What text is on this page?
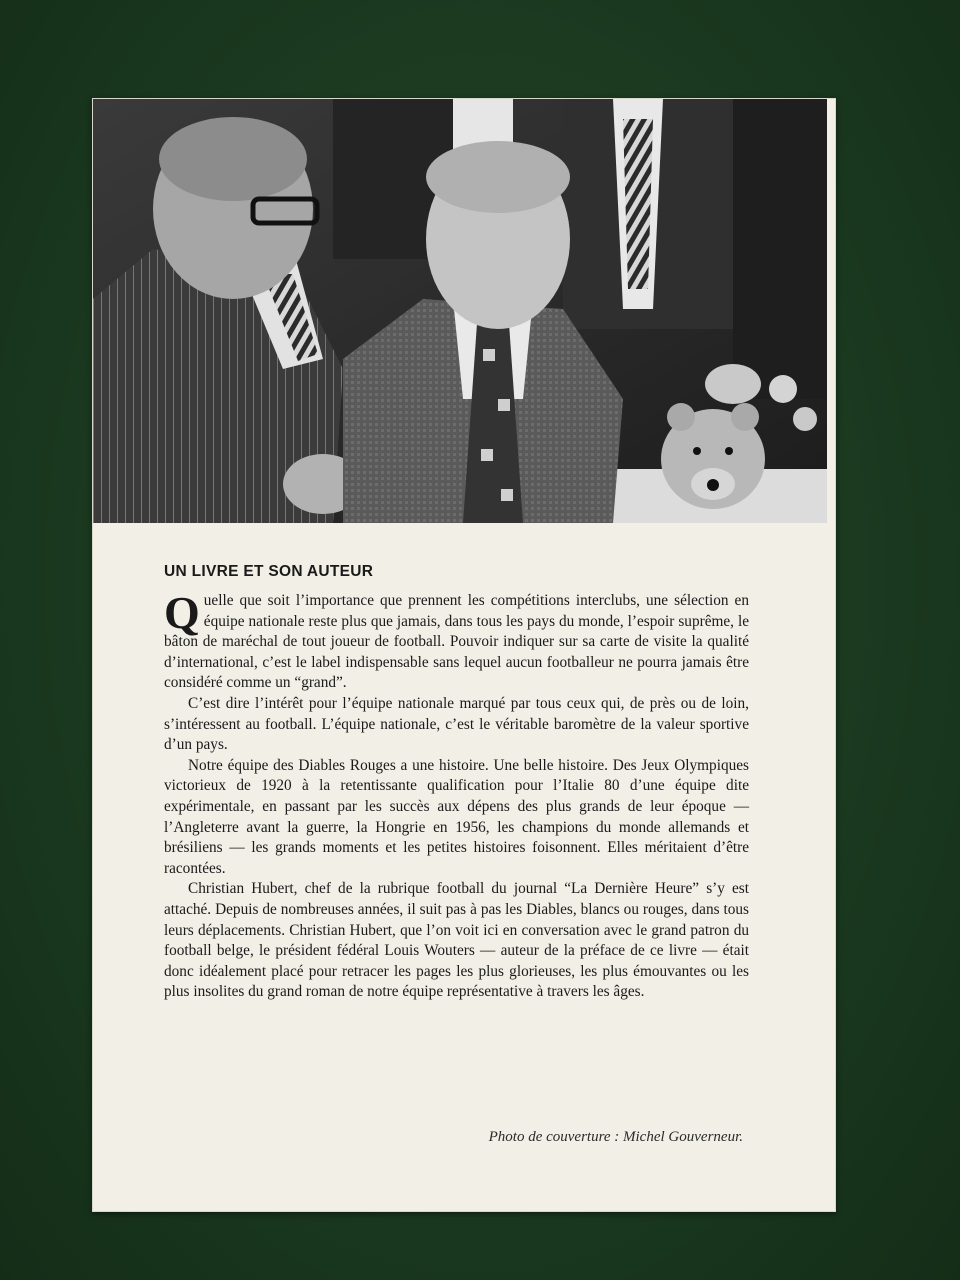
UN LIVRE ET SON AUTEUR

Quelle que soit l’importance que prennent les compétitions interclubs, une sélection en équipe nationale reste plus que jamais, dans tous les pays du monde, l’espoir suprême, le bâton de maréchal de tout joueur de football. Pouvoir indiquer sur sa carte de visite la qualité d’international, c’est le label indispensable sans lequel aucun footballeur ne pourra jamais être considéré comme un “grand”.

C’est dire l’intérêt pour l’équipe nationale marqué par tous ceux qui, de près ou de loin, s’intéressent au football. L’équipe nationale, c’est le véritable baromètre de la valeur sportive d’un pays.

Notre équipe des Diables Rouges a une histoire. Une belle histoire. Des Jeux Olympiques victorieux de 1920 à la retentissante qualification pour l’Italie 80 d’une équipe dite expérimentale, en passant par les succès aux dépens des plus grands de leur époque — l’Angleterre avant la guerre, la Hongrie en 1956, les champions du monde allemands et brésiliens — les grands moments et les petites histoires foisonnent. Elles méritaient d’être racontées.

Christian Hubert, chef de la rubrique football du journal “La Dernière Heure” s’y est attaché. Depuis de nombreuses années, il suit pas à pas les Diables, blancs ou rouges, dans tous leurs déplacements. Christian Hubert, que l’on voit ici en conversation avec le grand patron du football belge, le président fédéral Louis Wouters — auteur de la préface de ce livre — était donc idéalement placé pour retracer les pages les plus glorieuses, les plus émouvantes ou les plus insolites du grand roman de notre équipe représentative à travers les âges.

Photo de couverture : Michel Gouverneur.
